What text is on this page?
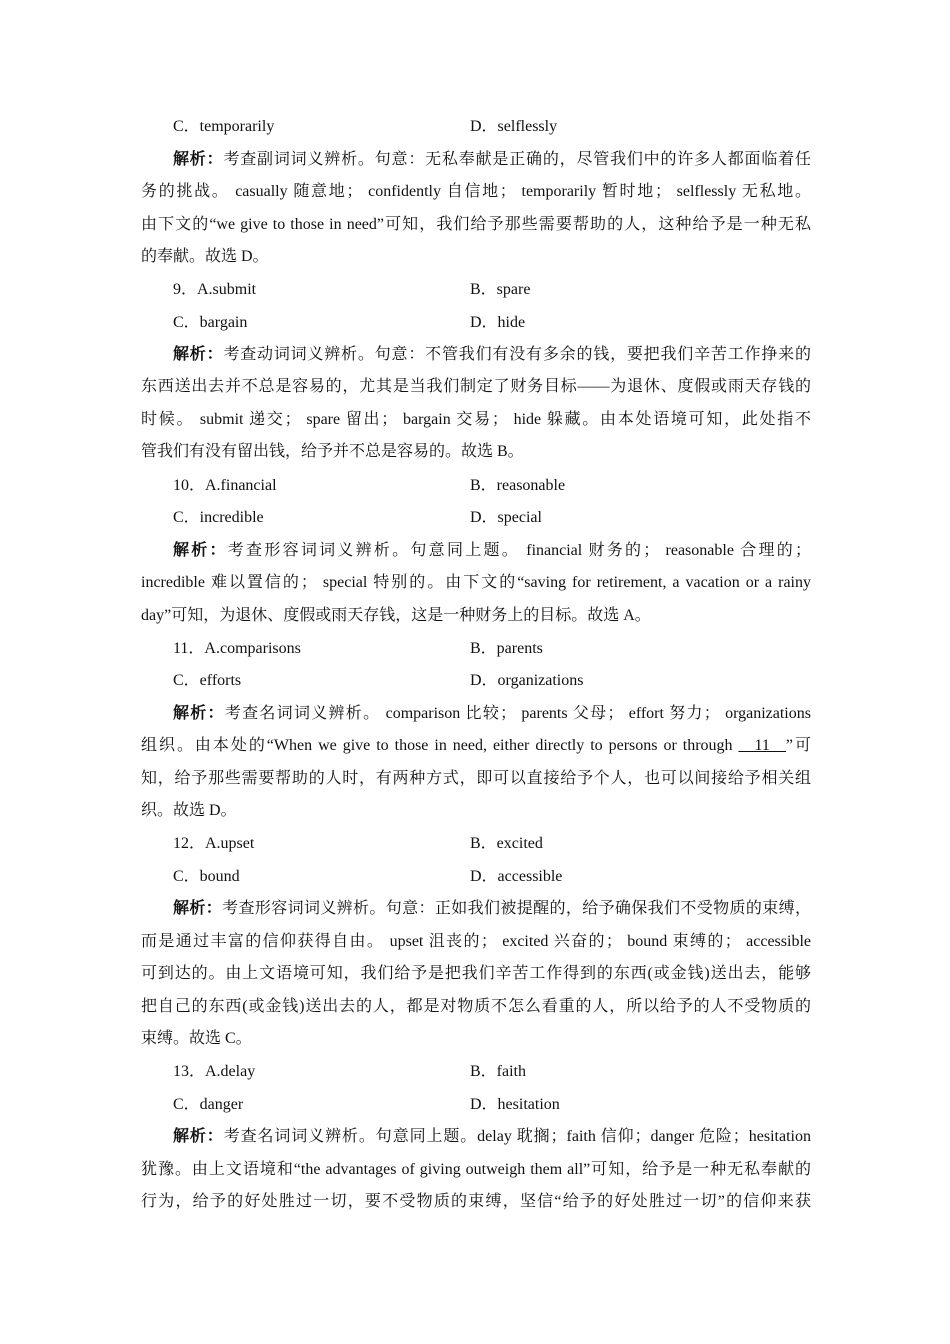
C．temporarily	D．selflessly
解析：考查副词词义辨析。句意：无私奉献是正确的，尽管我们中的许多人都面临着任
务的挑战。 casually 随意地； confidently 自信地； temporarily 暂时地； selflessly 无私地。
由下文的“we give to those in need”可知，我们给予那些需要帮助的人，这种给予是一种无私
的奉献。故选 D。
9．A.submit	B．spare
C．bargain	D．hide
解析：考查动词词义辨析。句意：不管我们有没有多余的钱，要把我们辛苦工作挣来的
东西送出去并不总是容易的，尤其是当我们制定了财务目标——为退休、度假或雨天存钱的
时候。 submit 递交； spare 留出； bargain 交易； hide 躲藏。由本处语境可知，此处指不
管我们有没有留出钱，给予并不总是容易的。故选 B。
10．A.financial	B．reasonable
C．incredible	D．special
解析：考查形容词词义辨析。句意同上题。 financial 财务的； reasonable 合理的；
incredible 难以置信的； special 特别的。由下文的“saving for retirement, a vacation or a rainy
day”可知，为退休、度假或雨天存钱，这是一种财务上的目标。故选 A。
11．A.comparisons	B．parents
C．efforts	D．organizations
解析：考查名词词义辨析。 comparison 比较； parents 父母； effort 努力； organizations
组织。由本处的“When we give to those in need, either directly to persons or through __11__”可
知，给予那些需要帮助的人时，有两种方式，即可以直接给予个人，也可以间接给予相关组
织。故选 D。
12．A.upset	B．excited
C．bound	D．accessible
解析：考查形容词词义辨析。句意：正如我们被提醒的，给予确保我们不受物质的束缚，
而是通过丰富的信仰获得自由。 upset 沮丧的； excited 兴奋的； bound 束缚的； accessible
可到达的。由上文语境可知，我们给予是把我们辛苦工作得到的东西(或金钱)送出去，能够
把自己的东西(或金钱)送出去的人，都是对物质不怎么看重的人，所以给予的人不受物质的
束缚。故选 C。
13．A.delay	B．faith
C．danger	D．hesitation
解析：考查名词词义辨析。句意同上题。delay 耽搁；faith 信仰；danger 危险；hesitation
犹豫。由上文语境和“the advantages of giving outweigh them all”可知，给予是一种无私奉献的
行为，给予的好处胜过一切，要不受物质的束缚，坚信“给予的好处胜过一切”的信仰来获
